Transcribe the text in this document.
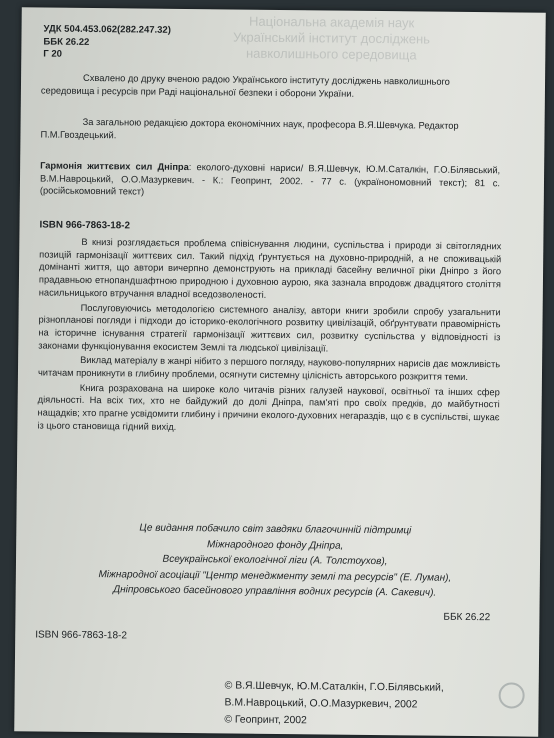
Національна академія наук
Український інститут досліджень
навколишнього середовища
УДК 504.453.062(282.247.32)
ББК 26.22
Г 20
Схвалено до друку вченою радою Українського інституту досліджень навколишнього середовища і ресурсів при Раді національної безпеки і оборони України.
За загальною редакцією доктора економічних наук, професора В.Я.Шевчука. Редактор П.М.Гвоздецький.
Гармонія життєвих сил Дніпра: еколого-духовні нариси/ В.Я.Шевчук, Ю.М.Саталкін, Г.О.Білявський, В.М.Навроцький, О.О.Мазуркевич. - К.: Геопринт, 2002. - 77 с. (українономовний текст); 81 с. (російськомовний текст)
ISBN 966-7863-18-2

В книзі розглядається проблема співіснування людини, суспільства і природи зі світоглядних позицій гармонізації життєвих сил. Такий підхід ґрунтується на духовно-природній, а не споживацькій домінанті життя, що автори вичерпно демонструють на прикладі басейну величної ріки Дніпро з його прадавньою етнопандшафтною природною і духовною аурою, яка зазнала впродовж двадцятого століття насильницького втручання владної вседозволеності.

Послуговуючись методологією системного аналізу, автори книги зробили спробу узагальнити різнопланові погляди і підходи до історико-екологічного розвитку цивілізацій, обґрунтувати правомірність на історичне існування стратегії гармонізації життєвих сил, розвитку суспільства у відповідності із законами функціонування екосистем Землі та людської цивілізації.

Виклад матеріалу в жанрі нібито з першого погляду, науково-популярних нарисів дає можливість читачам проникнути в глибину проблеми, осягнути системну цілісність авторського розкриття теми.

Книга розрахована на широке коло читачів різних галузей наукової, освітньої та інших сфер діяльності. На всіх тих, хто не байдужий до долі Дніпра, пам'яті про своїх предків, до майбутності нащадків; хто прагне усвідомити глибину і причини еколого-духовних негараздів, що є в суспільстві, шукає із цього становища гідний вихід.

Це видання побачило світ завдяки благочинній підтримці

Міжнародного фонду Дніпра,

Всеукраїнської екологічної ліги (А. Толстоухов),

Міжнародної асоціації "Центр менеджменту землі та ресурсів" (Е. Луман),

Дніпровського басейнового управління водних ресурсів (А. Сакевич).

ББК 26.22
ISBN 966-7863-18-2

© В.Я.Шевчук, Ю.М.Саталкін, Г.О.Білявський,

В.М.Навроцький, О.О.Мазуркевич, 2002

© Геопринт, 2002
